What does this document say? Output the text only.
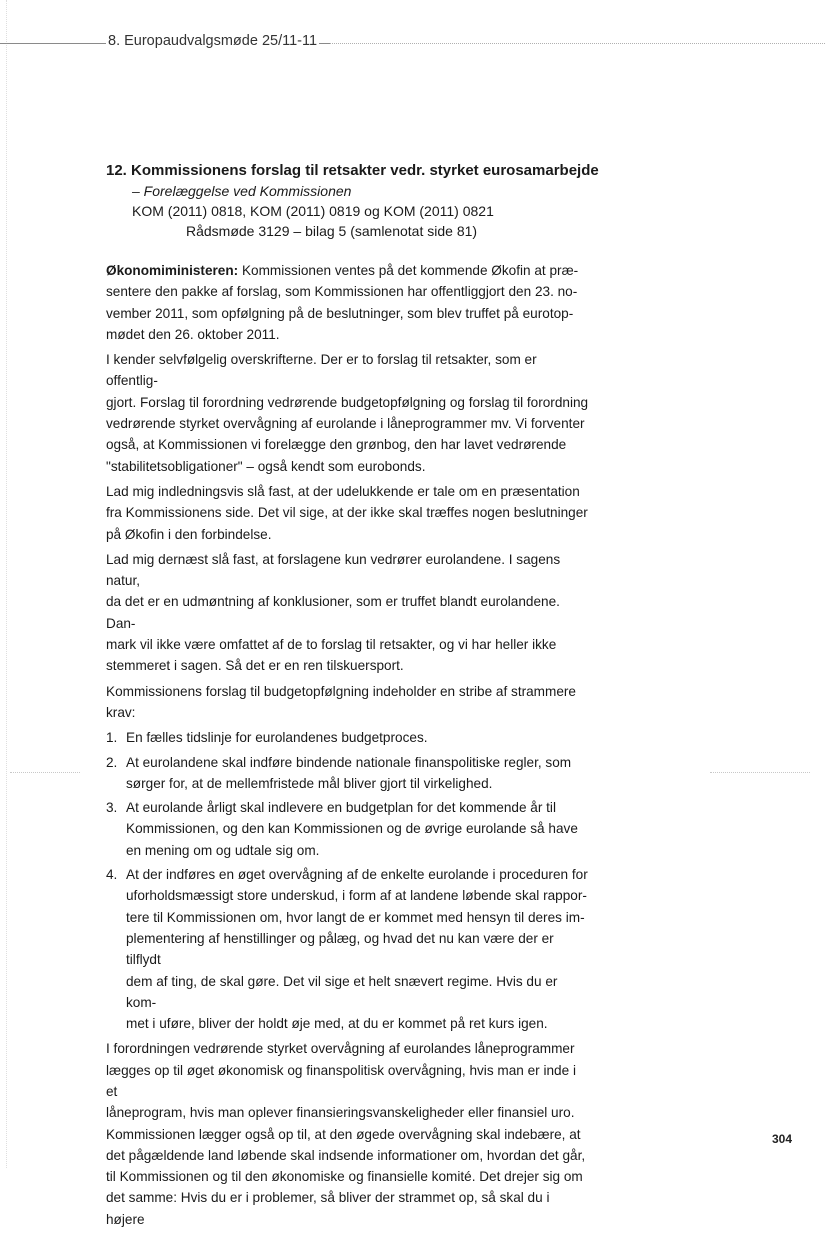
8. Europaudvalgsmøde 25/11-11

12. Kommissionens forslag til retsakter vedr. styrket eurosamarbejde

– Forelæggelse ved Kommissionen

KOM (2011) 0818, KOM (2011) 0819 og KOM (2011) 0821

Rådsmøde 3129 – bilag 5 (samlenotat side 81)

Økonomiministeren: Kommissionen ventes på det kommende Økofin at præ-
sentere den pakke af forslag, som Kommissionen har offentliggjort den 23. no-
vember 2011, som opfølgning på de beslutninger, som blev truffet på eurotop-
mødet den 26. oktober 2011.

I kender selvfølgelig overskrifterne. Der er to forslag til retsakter, som er offentlig-
gjort. Forslag til forordning vedrørende budgetopfølgning og forslag til forordning
vedrørende styrket overvågning af eurolande i låneprogrammer mv. Vi forventer
også, at Kommissionen vi forelægge den grønbog, den har lavet vedrørende
"stabilitetsobligationer" – også kendt som eurobonds.

Lad mig indledningsvis slå fast, at der udelukkende er tale om en præsentation
fra Kommissionens side. Det vil sige, at der ikke skal træffes nogen beslutninger
på Økofin i den forbindelse.

Lad mig dernæst slå fast, at forslagene kun vedrører eurolandene. I sagens natur,
da det er en udmøntning af konklusioner, som er truffet blandt eurolandene. Dan-
mark vil ikke være omfattet af de to forslag til retsakter, og vi har heller ikke
stemmeret i sagen. Så det er en ren tilskuersport.

Kommissionens forslag til budgetopfølgning indeholder en stribe af strammere
krav:

1. En fælles tidslinje for eurolandenes budgetproces.
2. At eurolandene skal indføre bindende nationale finanspolitiske regler, som
sørger for, at de mellemfristede mål bliver gjort til virkelighed.
3. At eurolande årligt skal indlevere en budgetplan for det kommende år til
Kommissionen, og den kan Kommissionen og de øvrige eurolande så have
en mening om og udtale sig om.
4. At der indføres en øget overvågning af de enkelte eurolande i proceduren for
uforholdsmæssigt store underskud, i form af at landene løbende skal rappor-
tere til Kommissionen om, hvor langt de er kommet med hensyn til deres im-
plementering af henstillinger og pålæg, og hvad det nu kan være der er tilflydt
dem af ting, de skal gøre. Det vil sige et helt snævert regime. Hvis du er kom-
met i uføre, bliver der holdt øje med, at du er kommet på ret kurs igen.

I forordningen vedrørende styrket overvågning af eurolandes låneprogrammer
lægges op til øget økonomisk og finanspolitisk overvågning, hvis man er inde i et
låneprogram, hvis man oplever finansieringsvanskeligheder eller finansiel uro.
Kommissionen lægger også op til, at den øgede overvågning skal indebære, at
det pågældende land løbende skal indsende informationer om, hvordan det går,
til Kommissionen og til den økonomiske og finansielle komité. Det drejer sig om
det samme: Hvis du er i problemer, så bliver der strammet op, så skal du i højere

304
